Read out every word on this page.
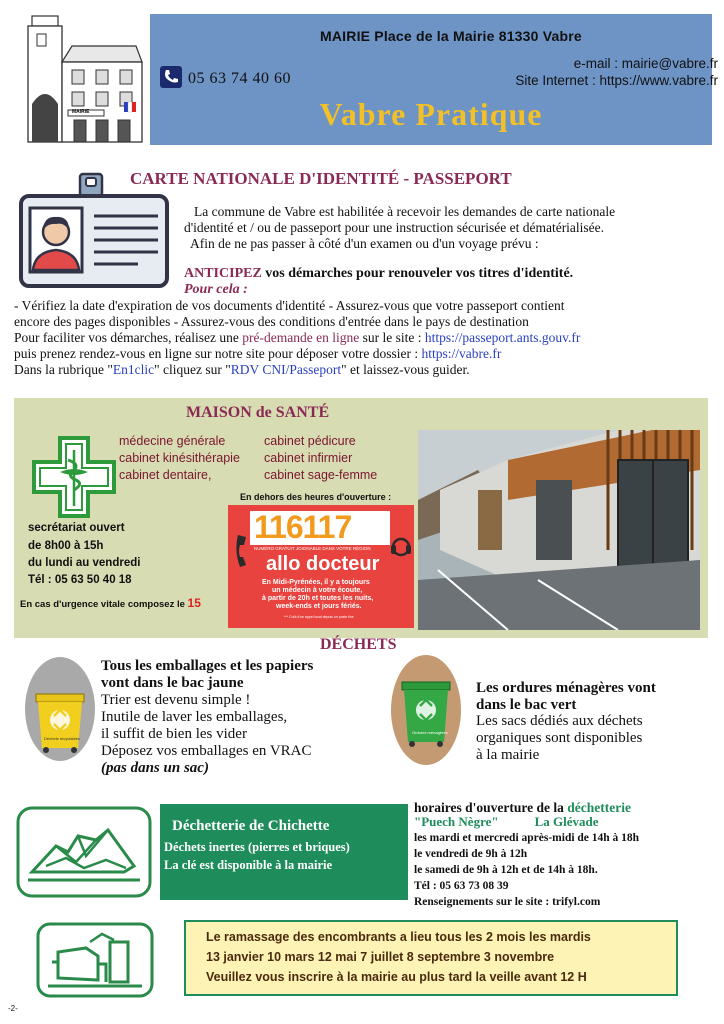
MAIRIE
MAIRIE Place de la Mairie 81330 Vabre
e-mail : mairie@vabre.fr
Site Internet : https://www.vabre.fr
05 63 74 40 60
Vabre Pratique
CARTE NATIONALE D'IDENTITÉ - PASSEPORT
La commune de Vabre est habilitée à recevoir les demandes de carte nationale
d'identité et / ou de passeport pour une instruction sécurisée et dématérialisée.
Afin de ne pas passer à côté d'un examen ou d'un voyage prévu :
ANTICIPEZ vos démarches pour renouveler vos titres d'identité.
Pour cela :
- Vérifiez la date d'expiration de vos documents d'identité - Assurez-vous que votre passeport contient
encore des pages disponibles - Assurez-vous des conditions d'entrée dans le pays de destination
Pour faciliter vos démarches, réalisez une pré-demande en ligne sur le site : https://passeport.ants.gouv.fr
puis prenez rendez-vous en ligne sur notre site pour déposer votre dossier : https://vabre.fr
Dans la rubrique "En1clic" cliquez sur "RDV CNI/Passeport" et laissez-vous guider.
MAISON de SANTÉ
médecine générale
cabinet kinésithérapie
cabinet dentaire,
cabinet pédicure
cabinet infirmier
cabinet sage-femme
En dehors des heures d'ouverture :
secrétariat ouvert
de 8h00 à 15h
du lundi au vendredi
Tél : 05 63 50 40 18
En cas d'urgence vitale composez le 15
116117
NUMÉRO GRATUIT JOIGNABLE DANS VOTRE RÉGION
allo docteur
En Midi-Pyrénées, il y a toujours
un médecin à votre écoute,
à partir de 20h et toutes les nuits,
week-ends et jours fériés.
*** Coût d'un appel local depuis un poste fixe
DÉCHETS
Déchets recyclables
Tous les emballages et les papiers
vont dans le bac jaune
Trier est devenu simple !
Inutile de laver les emballages,
il suffit de bien les vider
Déposez vos emballages en VRAC
(pas dans un sac)
Ordures ménagères
Les ordures ménagères vont
dans le bac vert
Les sacs dédiés aux déchets
organiques sont disponibles
à la mairie
Déchetterie de Chichette
Déchets inertes (pierres et briques)
La clé est disponible à la mairie
horaires d'ouverture de la déchetterie
"Puech Nègre"	La Glévade
les mardi et mercredi après-midi de 14h à 18h
le vendredi de 9h à 12h
le samedi de 9h à 12h et de 14h à 18h.
Tél : 05 63 73 08 39
Renseignements sur le site : trifyl.com
Le ramassage des encombrants a lieu tous les 2 mois les mardis
13 janvier 10 mars 12 mai 7 juillet 8 septembre 3 novembre
Veuillez vous inscrire à la mairie au plus tard la veille avant 12 H
-2-
